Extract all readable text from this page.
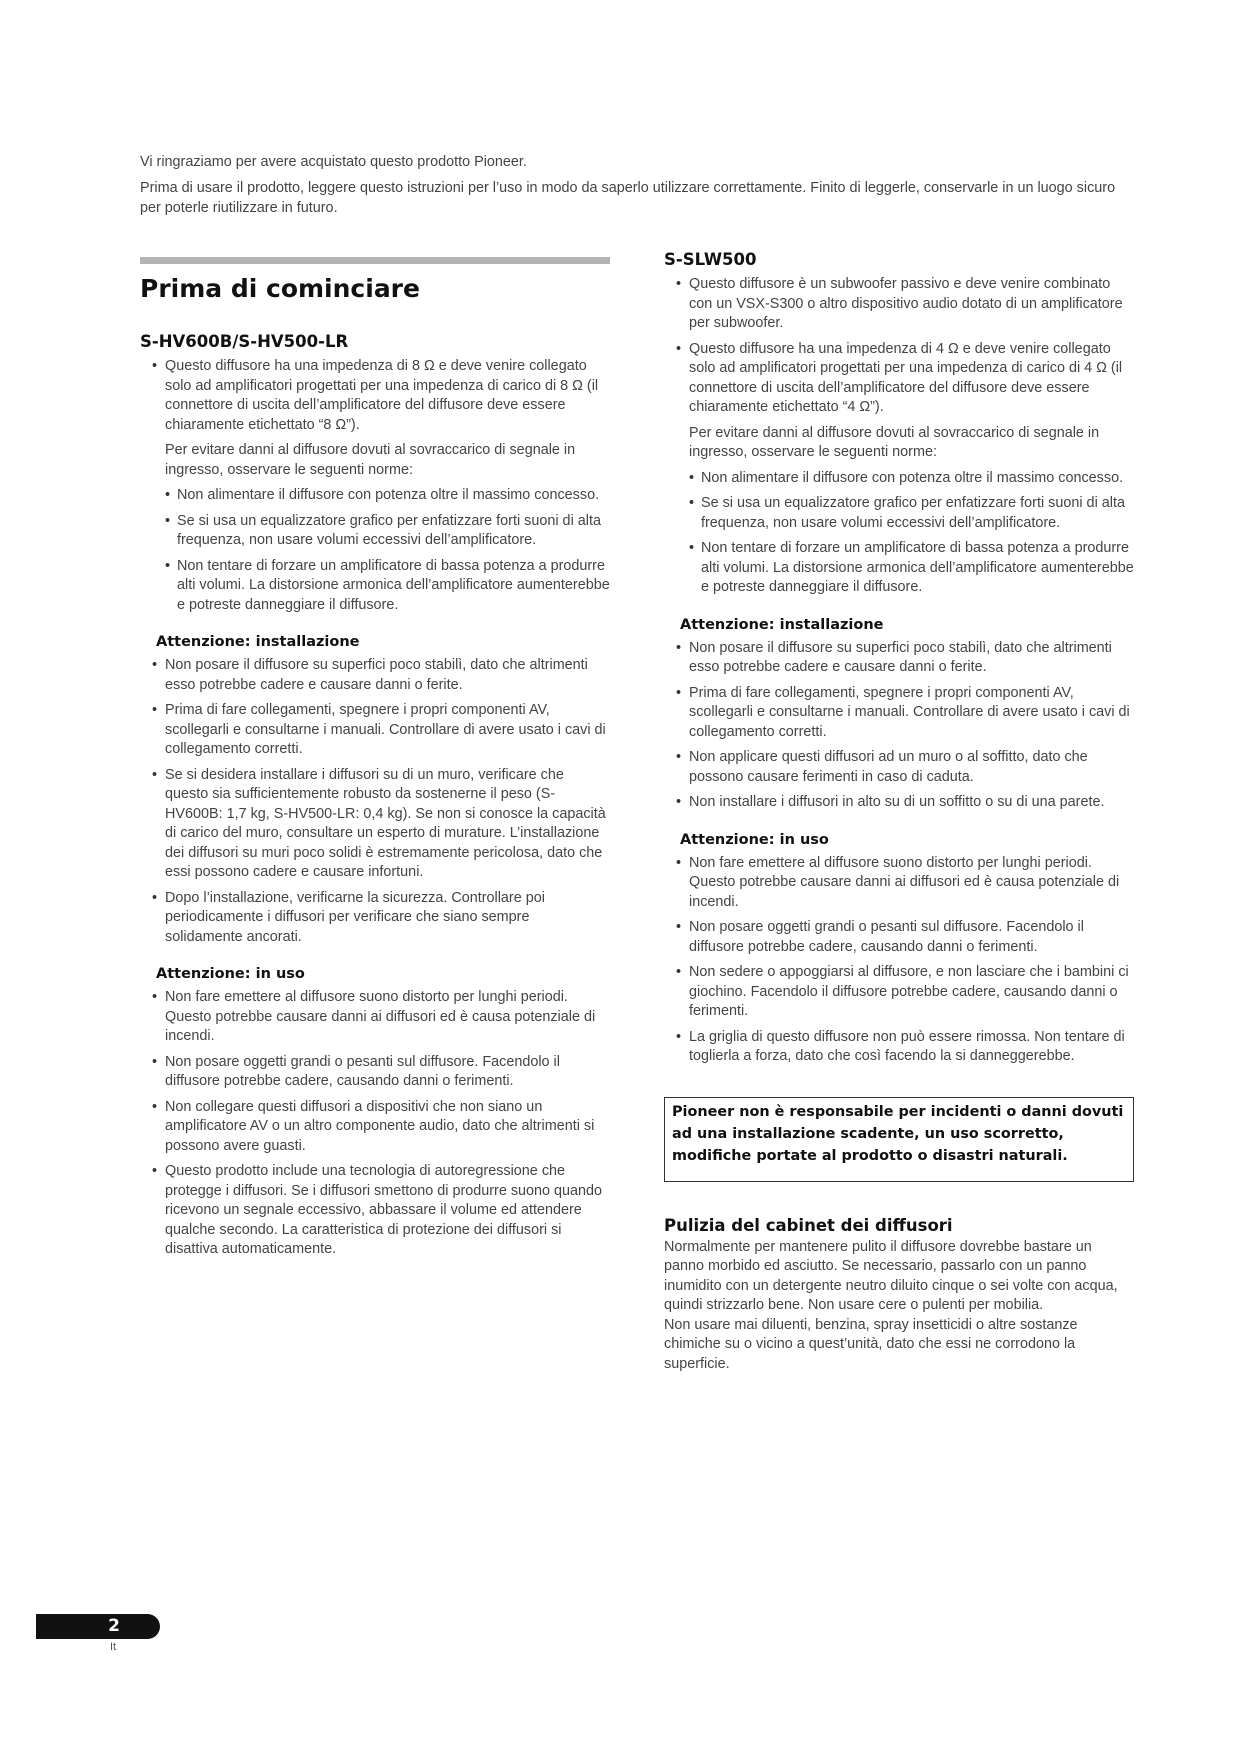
Vi ringraziamo per avere acquistato questo prodotto Pioneer.

Prima di usare il prodotto, leggere questo istruzioni per l’uso in modo da saperlo utilizzare correttamente. Finito di leggerle, conservarle in un luogo sicuro per poterle riutilizzare in futuro.

Prima di cominciare
S-HV600B/S-HV500-LR
• Questo diffusore ha una impedenza di 8 Ω e deve venire collegato solo ad amplificatori progettati per una impedenza di carico di 8 Ω (il connettore di uscita dell’amplificatore del diffusore deve essere chiaramente etichettato “8 Ω”).

Per evitare danni al diffusore dovuti al sovraccarico di segnale in ingresso, osservare le seguenti norme:

• Non alimentare il diffusore con potenza oltre il massimo concesso.
• Se si usa un equalizzatore grafico per enfatizzare forti suoni di alta frequenza, non usare volumi eccessivi dell’amplificatore.
• Non tentare di forzare un amplificatore di bassa potenza a produrre alti volumi. La distorsione armonica dell’amplificatore aumenterebbe e potreste danneggiare il diffusore.
Attenzione: installazione
• Non posare il diffusore su superfici poco stabilì, dato che altrimenti esso potrebbe cadere e causare danni o ferite.
• Prima di fare collegamenti, spegnere i propri componenti AV, scollegarli e consultarne i manuali. Controllare di avere usato i cavi di collegamento corretti.
• Se si desidera installare i diffusori su di un muro, verificare che questo sia sufficientemente robusto da sostenerne il peso (S-HV600B: 1,7 kg, S-HV500-LR: 0,4 kg). Se non si conosce la capacità di carico del muro, consultare un esperto di murature. L’installazione dei diffusori su muri poco solidi è estremamente pericolosa, dato che essi possono cadere e causare infortuni.
• Dopo l’installazione, verificarne la sicurezza. Controllare poi periodicamente i diffusori per verificare che siano sempre solidamente ancorati.
Attenzione: in uso
• Non fare emettere al diffusore suono distorto per lunghi periodi. Questo potrebbe causare danni ai diffusori ed è causa potenziale di incendi.
• Non posare oggetti grandi o pesanti sul diffusore. Facendolo il diffusore potrebbe cadere, causando danni o ferimenti.
• Non collegare questi diffusori a dispositivi che non siano un amplificatore AV o un altro componente audio, dato che altrimenti si possono avere guasti.
• Questo prodotto include una tecnologia di autoregressione che protegge i diffusori. Se i diffusori smettono di produrre suono quando ricevono un segnale eccessivo, abbassare il volume ed attendere qualche secondo. La caratteristica di protezione dei diffusori si disattiva automaticamente.
S-SLW500
• Questo diffusore è un subwoofer passivo e deve venire combinato con un VSX-S300 o altro dispositivo audio dotato di un amplificatore per subwoofer.
• Questo diffusore ha una impedenza di 4 Ω e deve venire collegato solo ad amplificatori progettati per una impedenza di carico di 4 Ω (il connettore di uscita dell’amplificatore del diffusore deve essere chiaramente etichettato “4 Ω”).

Per evitare danni al diffusore dovuti al sovraccarico di segnale in ingresso, osservare le seguenti norme:

• Non alimentare il diffusore con potenza oltre il massimo concesso.
• Se si usa un equalizzatore grafico per enfatizzare forti suoni di alta frequenza, non usare volumi eccessivi dell’amplificatore.
• Non tentare di forzare un amplificatore di bassa potenza a produrre alti volumi. La distorsione armonica dell’amplificatore aumenterebbe e potreste danneggiare il diffusore.
Attenzione: installazione
• Non posare il diffusore su superfici poco stabilì, dato che altrimenti esso potrebbe cadere e causare danni o ferite.
• Prima di fare collegamenti, spegnere i propri componenti AV, scollegarli e consultarne i manuali. Controllare di avere usato i cavi di collegamento corretti.
• Non applicare questi diffusori ad un muro o al soffitto, dato che possono causare ferimenti in caso di caduta.
• Non installare i diffusori in alto su di un soffitto o su di una parete.
Attenzione: in uso
• Non fare emettere al diffusore suono distorto per lunghi periodi. Questo potrebbe causare danni ai diffusori ed è causa potenziale di incendi.
• Non posare oggetti grandi o pesanti sul diffusore. Facendolo il diffusore potrebbe cadere, causando danni o ferimenti.
• Non sedere o appoggiarsi al diffusore, e non lasciare che i bambini ci giochino. Facendolo il diffusore potrebbe cadere, causando danni o ferimenti.
• La griglia di questo diffusore non può essere rimossa. Non tentare di toglierla a forza, dato che così facendo la si danneggerebbe.

Pioneer non è responsabile per incidenti o danni dovuti ad una installazione scadente, un uso scorretto, modifiche portate al prodotto o disastri naturali.

Pulizia del cabinet dei diffusori

Normalmente per mantenere pulito il diffusore dovrebbe bastare un panno morbido ed asciutto. Se necessario, passarlo con un panno inumidito con un detergente neutro diluito cinque o sei volte con acqua, quindi strizzarlo bene. Non usare cere o pulenti per mobilia.

Non usare mai diluenti, benzina, spray insetticidi o altre sostanze chimiche su o vicino a quest’unità, dato che essi ne corrodono la superficie.

2
It
